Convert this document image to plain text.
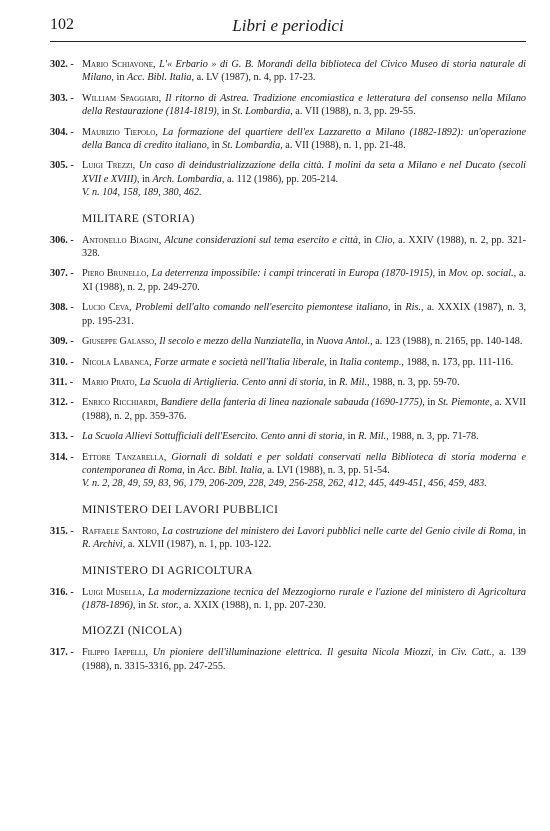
102	Libri e periodici
302. - Mario Schiavone, L'« Erbario » di G. B. Morandi della biblioteca del Civico Museo di storia naturale di Milano, in Acc. Bibl. Italia, a. LV (1987), n. 4, pp. 17-23.
303. - William Spaggiari, Il ritorno di Astrea. Tradizione encomiastica e letteratura del consenso nella Milano della Restaurazione (1814-1819), in St. Lombardia, a. VII (1988), n. 3, pp. 29-55.
304. - Maurizio Tiepolo, La formazione del quartiere dell'ex Lazzaretto a Milano (1882-1892): un'operazione della Banca di credito italiano, in St. Lombardia, a. VII (1988), n. 1, pp. 21-48.
305. - Luigi Trezzi, Un caso di deindustrializzazione della città. I molini da seta a Milano e nel Ducato (secoli XVII e XVIII), in Arch. Lombardia, a. 112 (1986), pp. 205-214.
V. n. 104, 158, 189, 380, 462.
MILITARE (STORIA)
306. - Antonello Biagini, Alcune considerazioni sul tema esercito e città, in Clio, a. XXIV (1988), n. 2, pp. 321-328.
307. - Piero Brunello, La deterrenza impossibile: i campi trincerati in Europa (1870-1915), in Mov. op. social., a. XI (1988), n. 2, pp. 249-270.
308. - Lucio Ceva, Problemi dell'alto comando nell'esercito piemontese italiano, in Ris., a. XXXIX (1987), n. 3, pp. 195-231.
309. - Giuseppe Galasso, Il secolo e mezzo della Nunziatella, in Nuova Antol., a. 123 (1988), n. 2165, pp. 140-148.
310. - Nicola Labanca, Forze armate e società nell'Italia liberale, in Italia contemp., 1988, n. 173, pp. 111-116.
311. - Mario Prato, La Scuola di Artiglieria. Cento anni di storia, in R. Mil., 1988, n. 3, pp. 59-70.
312. - Enrico Ricchiardi, Bandiere della fanteria di linea nazionale sabauda (1690-1775), in St. Piemonte, a. XVII (1988), n. 2, pp. 359-376.
313. - La Scuola Allievi Sottufficiali dell'Esercito. Cento anni di storia, in R. Mil., 1988, n. 3, pp. 71-78.
314. - Ettore Tanzarella, Giornali di soldati e per soldati conservati nella Biblioteca di storia moderna e contemporanea di Roma, in Acc. Bibl. Italia, a. LVI (1988), n. 3, pp. 51-54.
V. n. 2, 28, 49, 59, 83, 96, 179, 206-209, 228, 249, 256-258, 262, 412, 445, 449-451, 456, 459, 483.
MINISTERO DEI LAVORI PUBBLICI
315. - Raffaele Santoro, La costruzione del ministero dei Lavori pubblici nelle carte del Genio civile di Roma, in R. Archivi, a. XLVII (1987), n. 1, pp. 103-122.
MINISTERO DI AGRICOLTURA
316. - Luigi Musella, La modernizzazione tecnica del Mezzogiorno rurale e l'azione del ministero di Agricoltura (1878-1896), in St. stor., a. XXIX (1988), n. 1, pp. 207-230.
MIOZZI (NICOLA)
317. - Filippo Iappelli, Un pioniere dell'illuminazione elettrica. Il gesuita Nicola Miozzi, in Civ. Catt., a. 139 (1988), n. 3315-3316, pp. 247-255.
